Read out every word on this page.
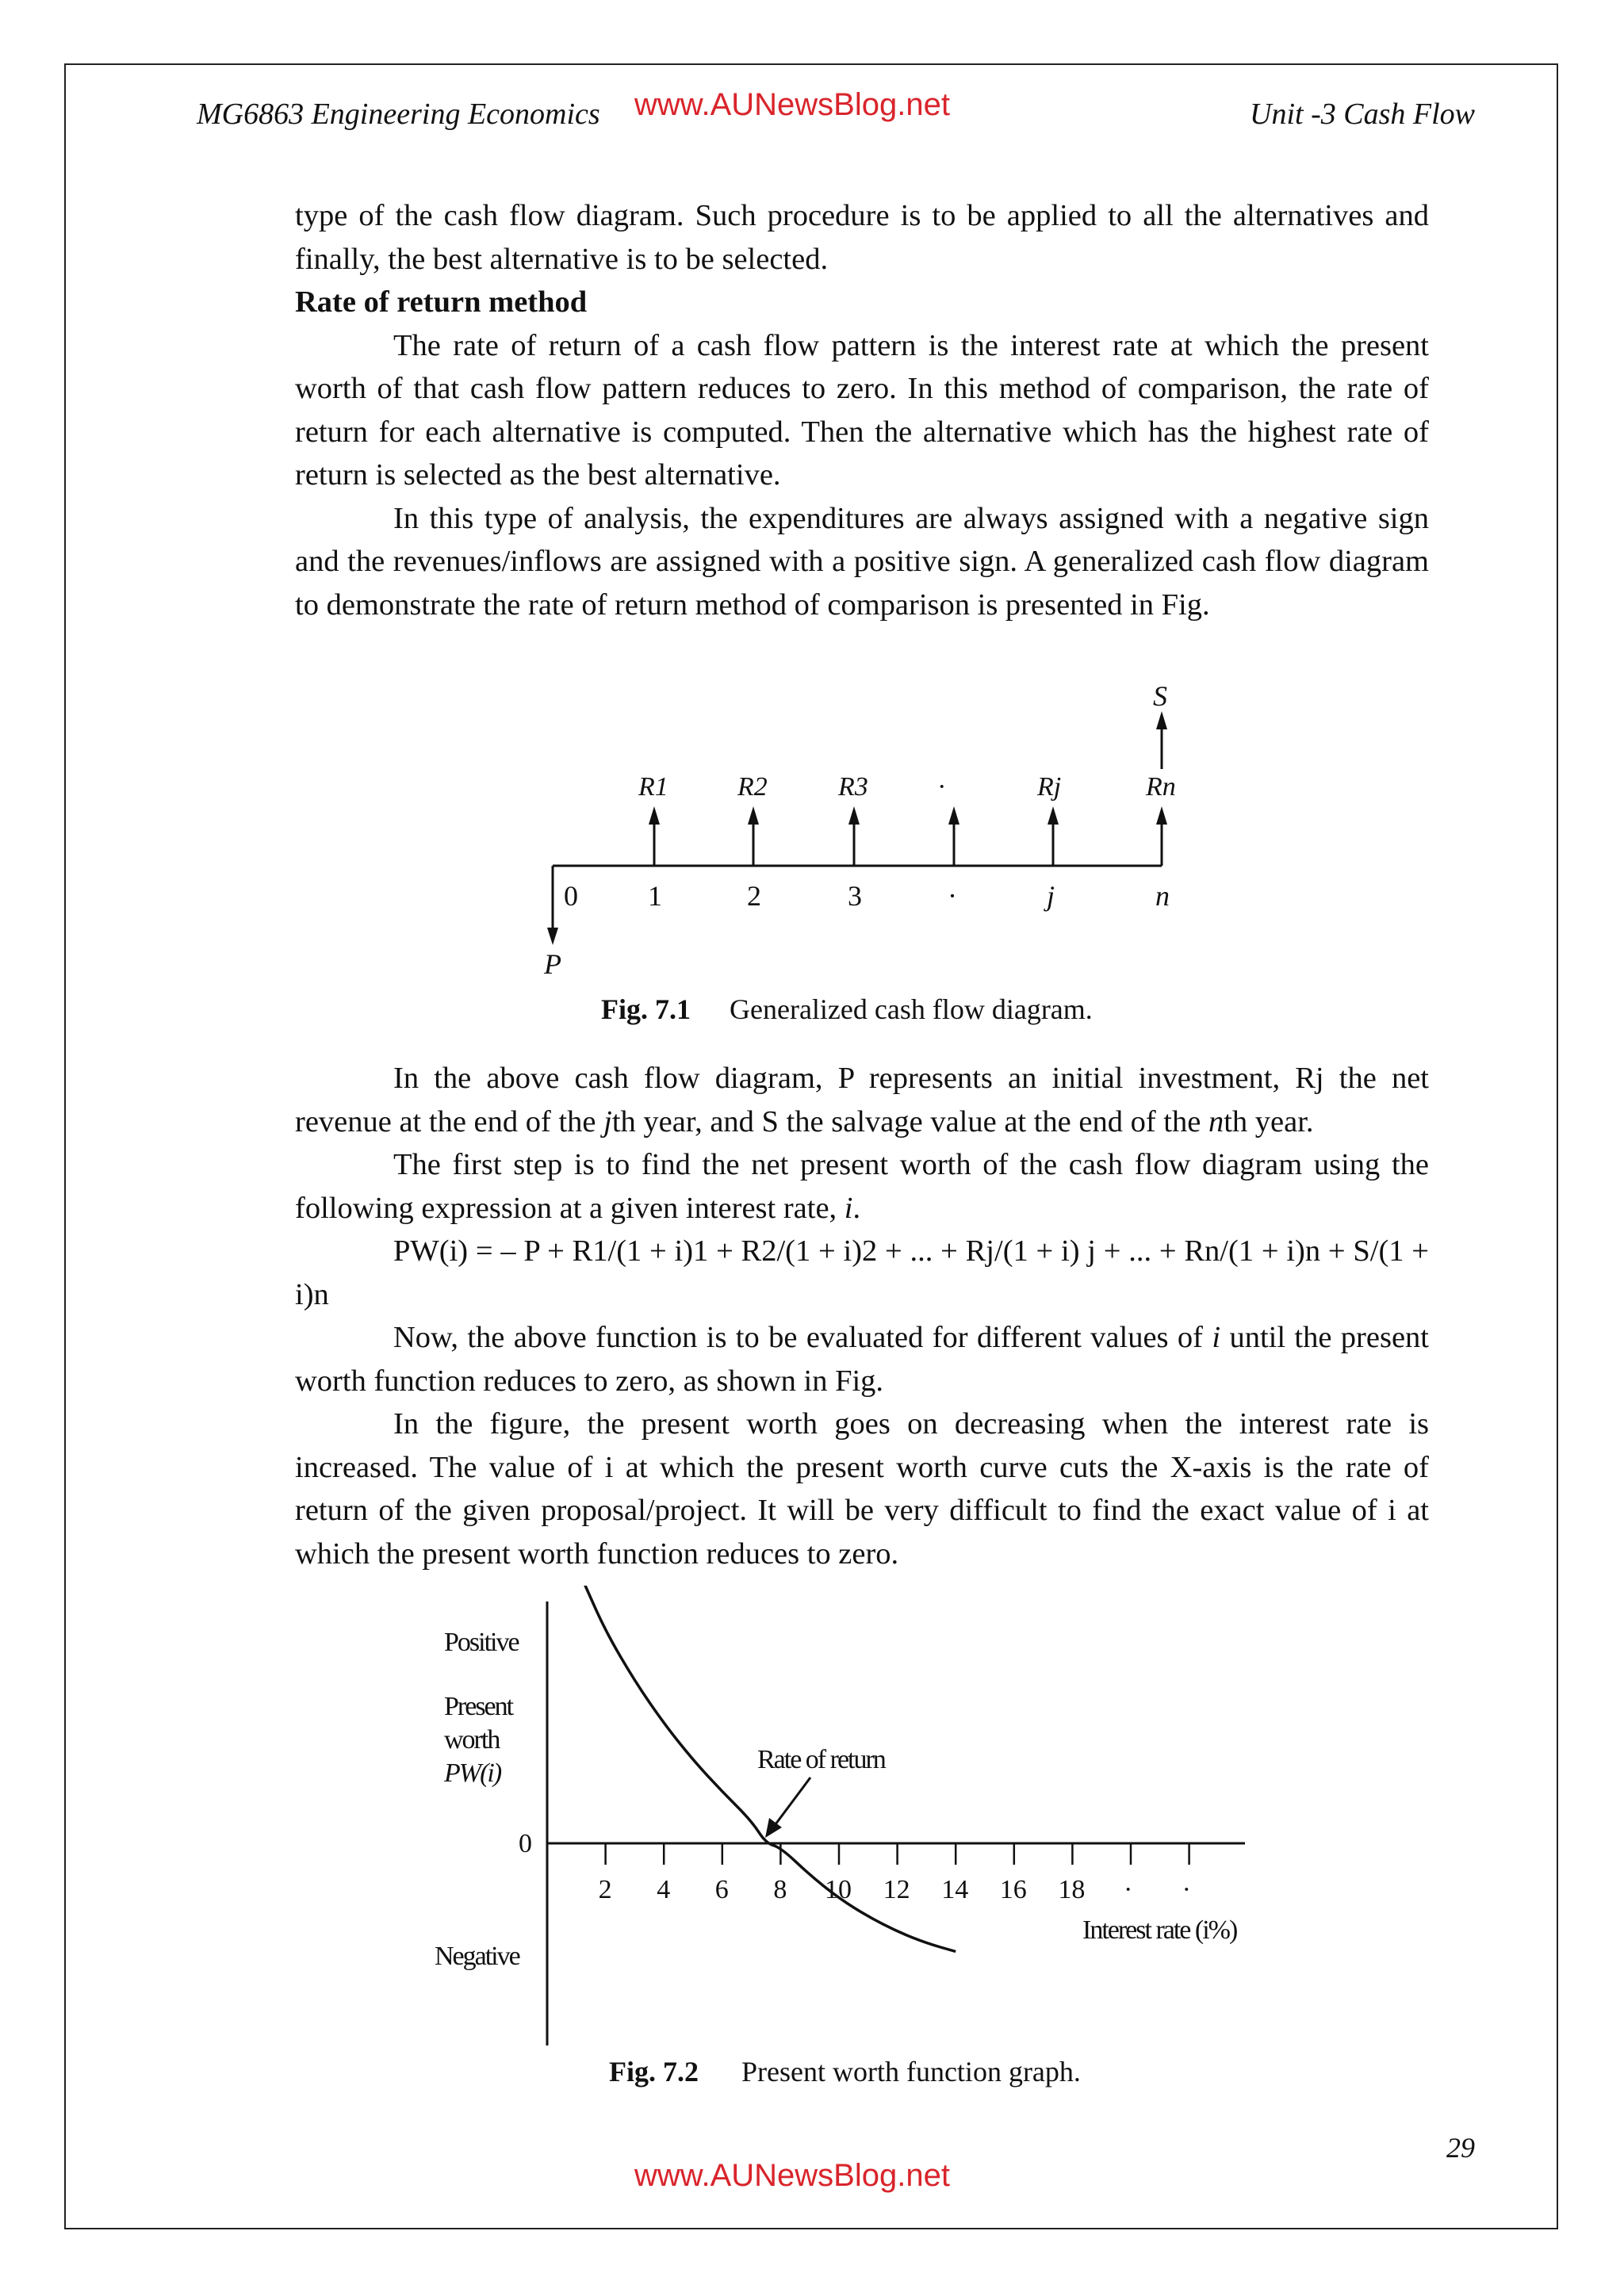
MG6863 Engineering Economics www.AUNewsBlog.net	Unit -3 Cash Flow

type of the cash flow diagram. Such procedure is to be applied to all the alternatives and finally, the best alternative is to be selected.

Rate of return method

The rate of return of a cash flow pattern is the interest rate at which the present worth of that cash flow pattern reduces to zero. In this method of comparison, the rate of return for each alternative is computed. Then the alternative which has the highest rate of return is selected as the best alternative.

In this type of analysis, the expenditures are always assigned with a negative sign and the revenues/inflows are assigned with a positive sign. A generalized cash flow diagram to demonstrate the rate of return method of comparison is presented in Fig.

P
S
0 1	2	3	·	j	n
R1	R2	R3	·	Rj	Rn
Fig. 7.1 Generalized cash flow diagram.

In the above cash flow diagram, P represents an initial investment, Rj the net revenue at the end of the jth year, and S the salvage value at the end of the nth year.

The first step is to find the net present worth of the cash flow diagram using the following expression at a given interest rate, i.

PW(i) = – P + R1/(1 + i)1 + R2/(1 + i)2 + ... + Rj/(1 + i) j + ... + Rn/(1 + i)n + S/(1 + i)n

Now, the above function is to be evaluated for different values of i until the present worth function reduces to zero, as shown in Fig.

In the figure, the present worth goes on decreasing when the interest rate is increased. The value of i at which the present worth curve cuts the X-axis is the rate of return of the given proposal/project. It will be very difficult to find the exact value of i at which the present worth function reduces to zero.

Positive
Present
worth
PW(i)
0
Negative
2 4 6 8 10 12 14 16 18 · ·
Rate of return
Interest rate (i%)
Fig. 7.2 Present worth function graph.
29
www.AUNewsBlog.net
